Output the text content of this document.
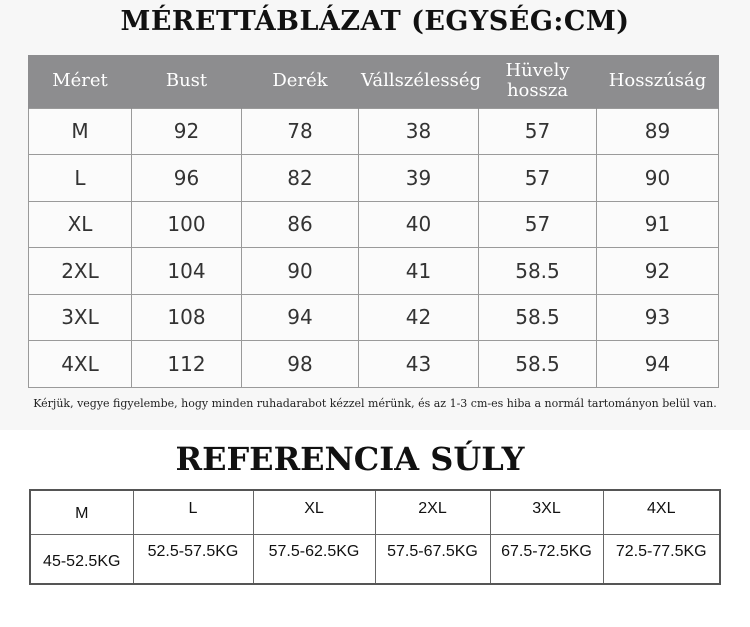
MÉRETTÁBLÁZAT (EGYSÉG:CM)
Méret	Bust	Derék	Vállszélesség	Hüvely hossza	Hosszúság
M	92	78	38	57	89
L	96	82	39	57	90
XL	100	86	40	57	91
2XL	104	90	41	58.5	92
3XL	108	94	42	58.5	93
4XL	112	98	43	58.5	94
Kérjük, vegye figyelembe, hogy minden ruhadarabot kézzel mérünk, és az 1-3 cm-es hiba a normál tartományon belül van.
REFERENCIA SÚLY
M	L	XL	2XL	3XL	4XL
45-52.5KG	52.5-57.5KG	57.5-62.5KG	57.5-67.5KG	67.5-72.5KG	72.5-77.5KG
